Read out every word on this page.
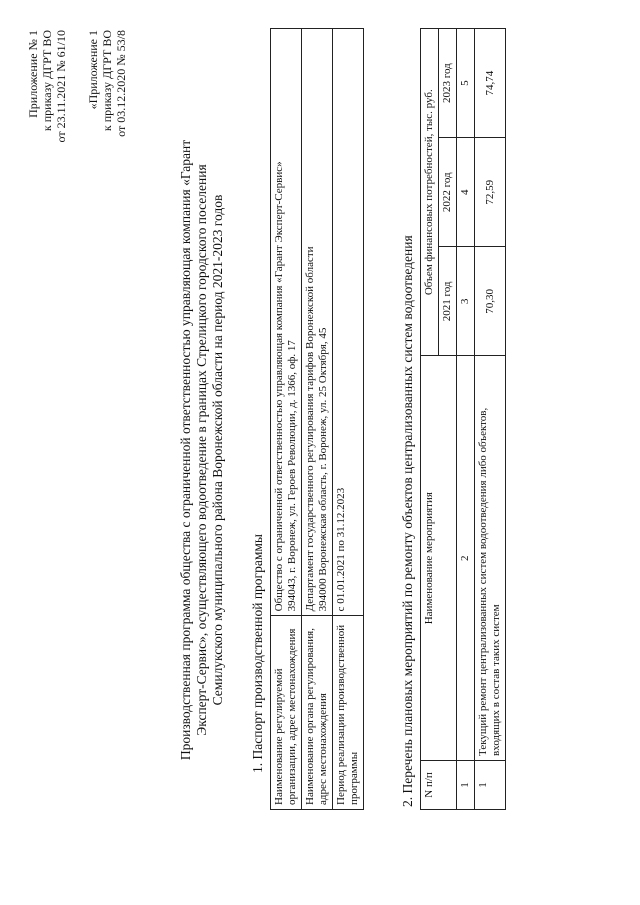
Приложение № 1 к приказу ДГРТ ВО от 23.11.2021 № 61/10 «Приложение 1 к приказу ДГРТ ВО от 03.12.2020 № 53/8
Производственная программа общества с ограниченной ответственностью управляющая компания «Гарант Эксперт-Сервис», осуществляющего водоотведение в границах Стрелицкого городского поселения Семилукского муниципального района Воронежской области на период 2021-2023 годов 1. Паспорт производственной программы Наименование регулируемой организации, адрес местонахождения	Общество с ограниченной ответственностью управляющая компания «Гарант Эксперт-Сервис» 394043, г. Воронеж, ул. Героев Революции, д. 1366, оф. 17

Наименование органа регулирования, адрес местонахождения	Департамент государственного регулирования тарифов Воронежской области 394000 Воронежская область, г. Воронеж, ул. 25 Октября, 45

Период реализации производственной программы	с 01.01.2021 по 31.12.2023	2. Перечень плановых мероприятий по ремонту объектов централизованных систем водоотведения N п/п	Наименование мероприятия	Объем финансовых потребностей, тыс. руб.		
		2021 год	2022 год	2023 год
1	2	3	4	5
1	Текущий ремонт централизованных систем водоотведения либо объектов, входящих в состав таких систем	70,30	72,59	74,74
